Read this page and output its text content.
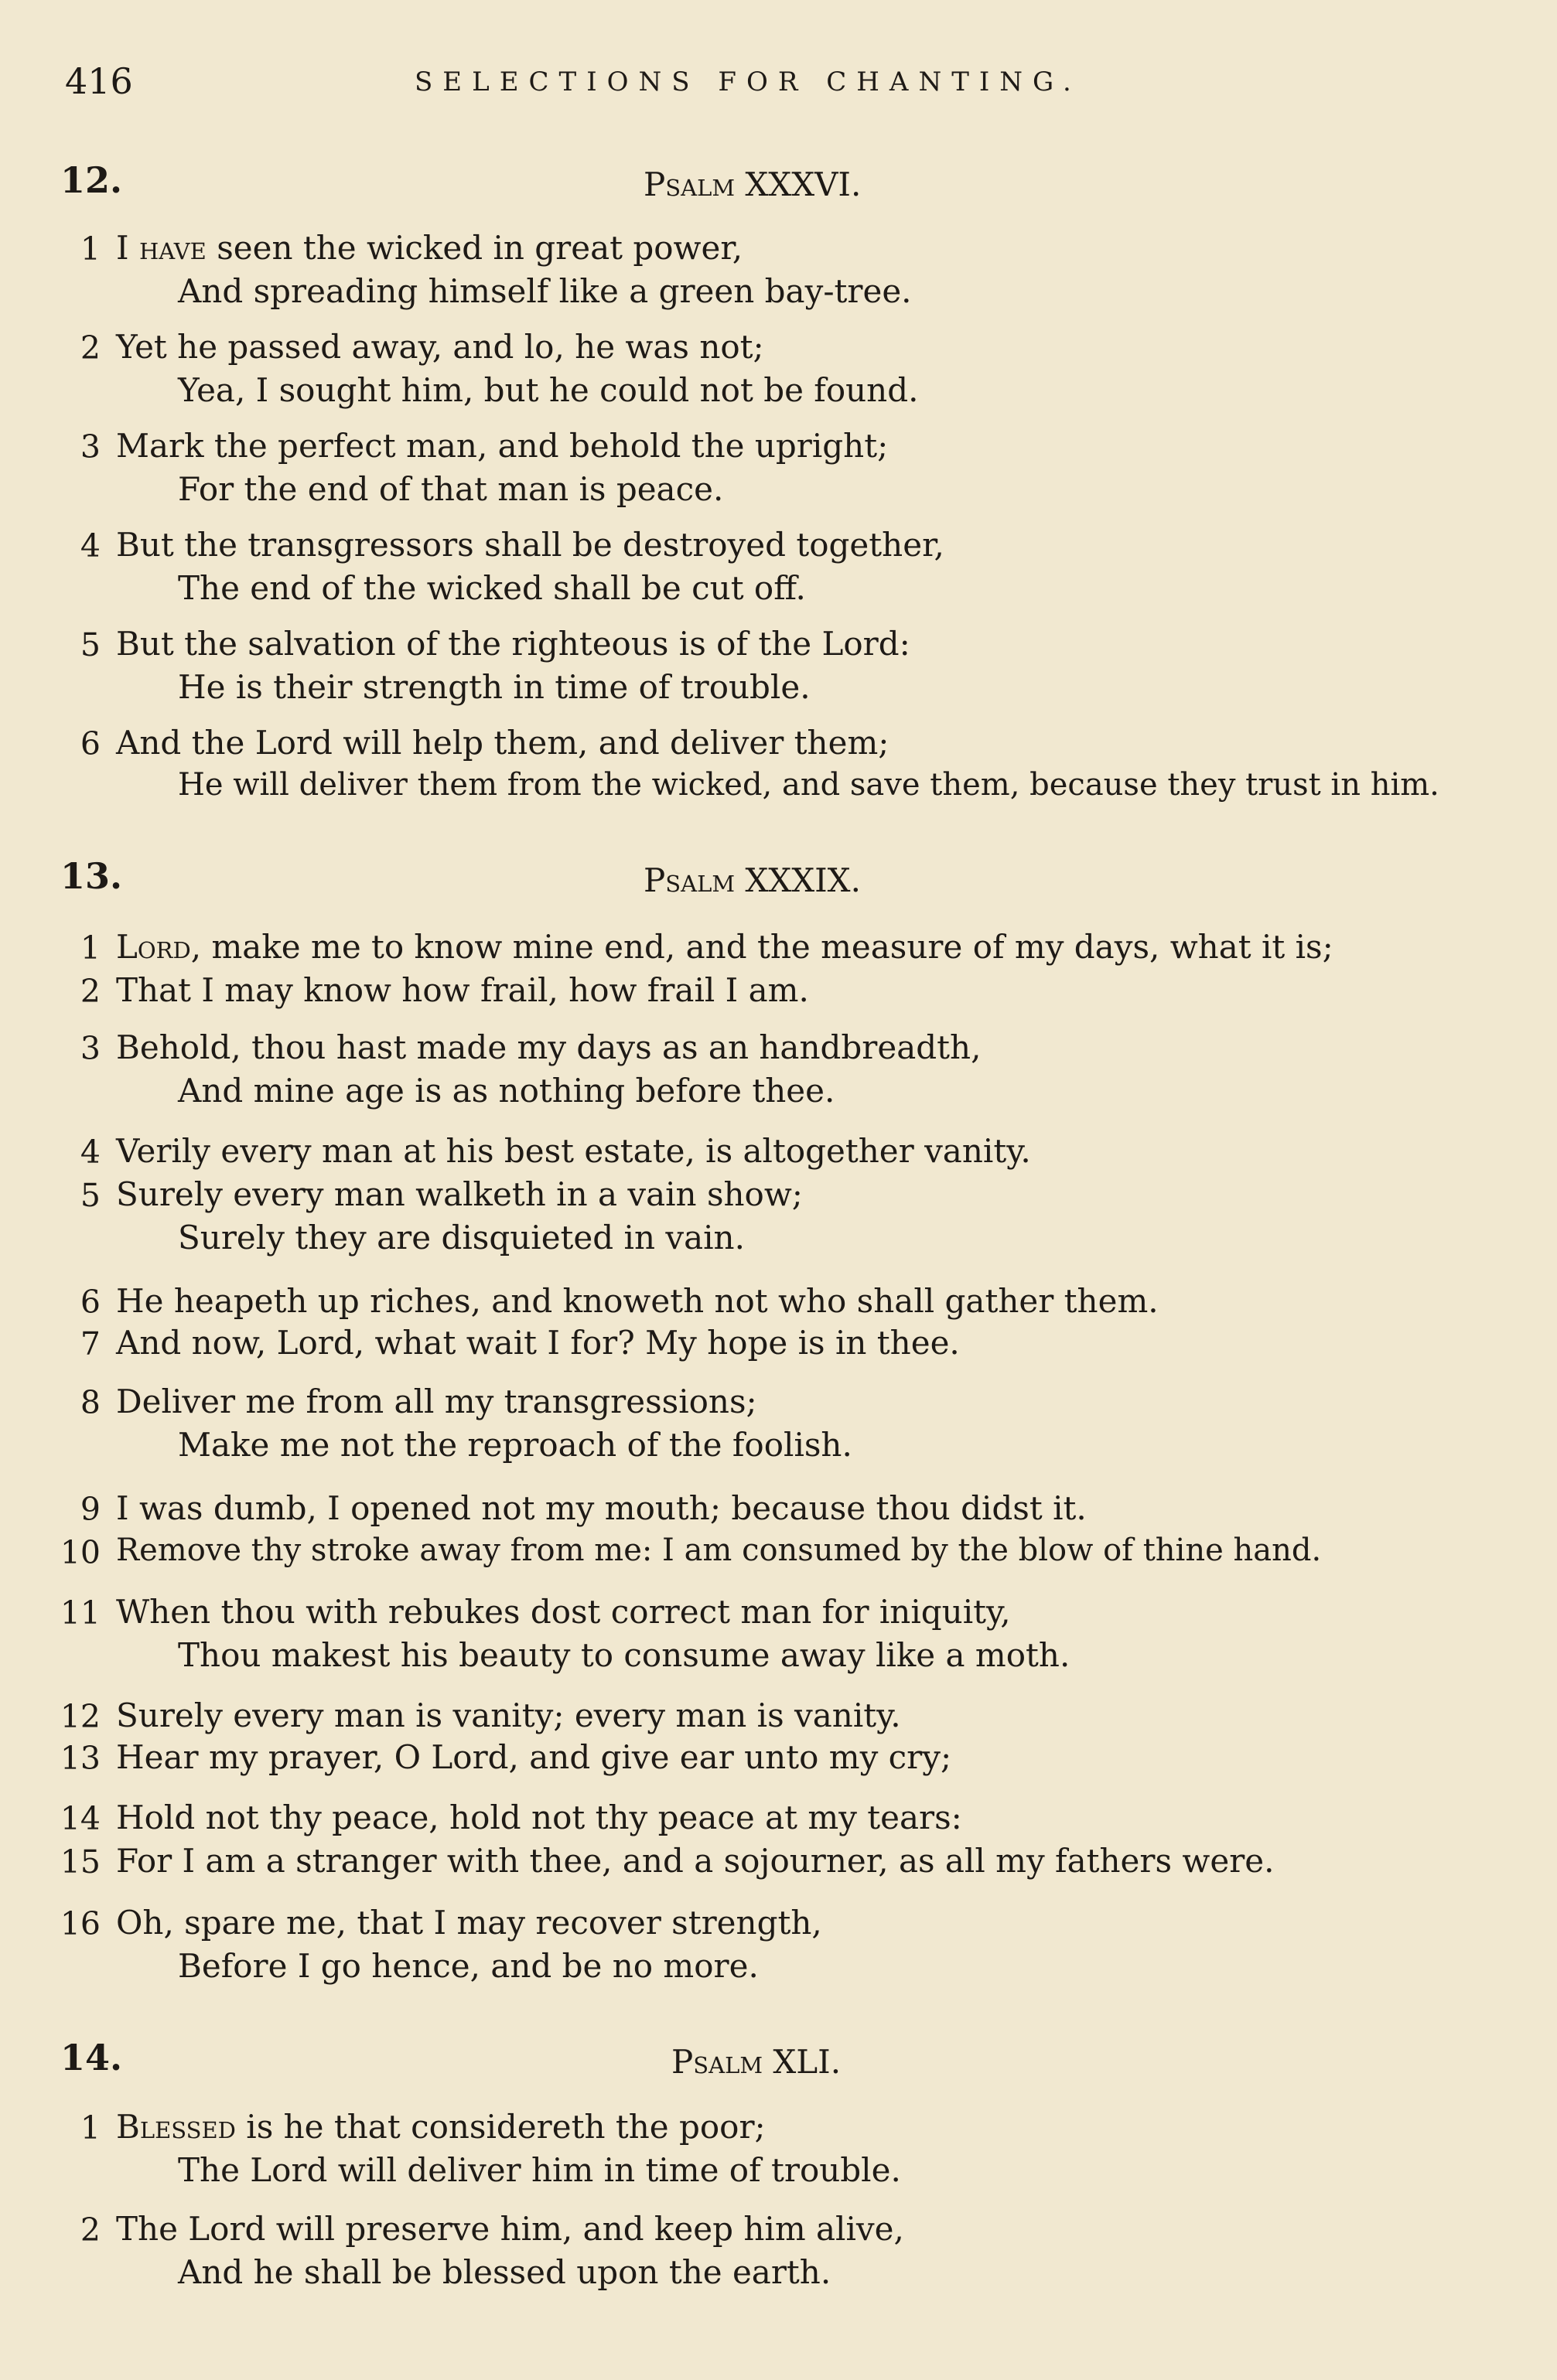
416	SELECTIONS FOR CHANTING.
12.	Psalm XXXVI.
1 I have seen the wicked in great power,
And spreading himself like a green bay-tree.
2 Yet he passed away, and lo, he was not;
Yea, I sought him, but he could not be found.
3 Mark the perfect man, and behold the upright;
For the end of that man is peace.
4 But the transgressors shall be destroyed together,
The end of the wicked shall be cut off.
5 But the salvation of the righteous is of the Lord:
He is their strength in time of trouble.
6 And the Lord will help them, and deliver them;
He will deliver them from the wicked, and save them, because they trust in him.
13.	Psalm XXXIX.
1 Lord, make me to know mine end, and the measure of my days, what it is;
2 That I may know how frail, how frail I am.
3 Behold, thou hast made my days as an handbreadth,
And mine age is as nothing before thee.
4 Verily every man at his best estate, is altogether vanity.
5 Surely every man walketh in a vain show;
Surely they are disquieted in vain.
6 He heapeth up riches, and knoweth not who shall gather them.
7 And now, Lord, what wait I for? My hope is in thee.
8 Deliver me from all my transgressions;
Make me not the reproach of the foolish.
9 I was dumb, I opened not my mouth; because thou didst it.
10 Remove thy stroke away from me: I am consumed by the blow of thine hand.
11 When thou with rebukes dost correct man for iniquity,
Thou makest his beauty to consume away like a moth.
12 Surely every man is vanity; every man is vanity.
13 Hear my prayer, O Lord, and give ear unto my cry;
14 Hold not thy peace, hold not thy peace at my tears:
15 For I am a stranger with thee, and a sojourner, as all my fathers were.
16 Oh, spare me, that I may recover strength,
Before I go hence, and be no more.
14.	Psalm XLI.
1 Blessed is he that considereth the poor;
The Lord will deliver him in time of trouble.
2 The Lord will preserve him, and keep him alive,
And he shall be blessed upon the earth.
